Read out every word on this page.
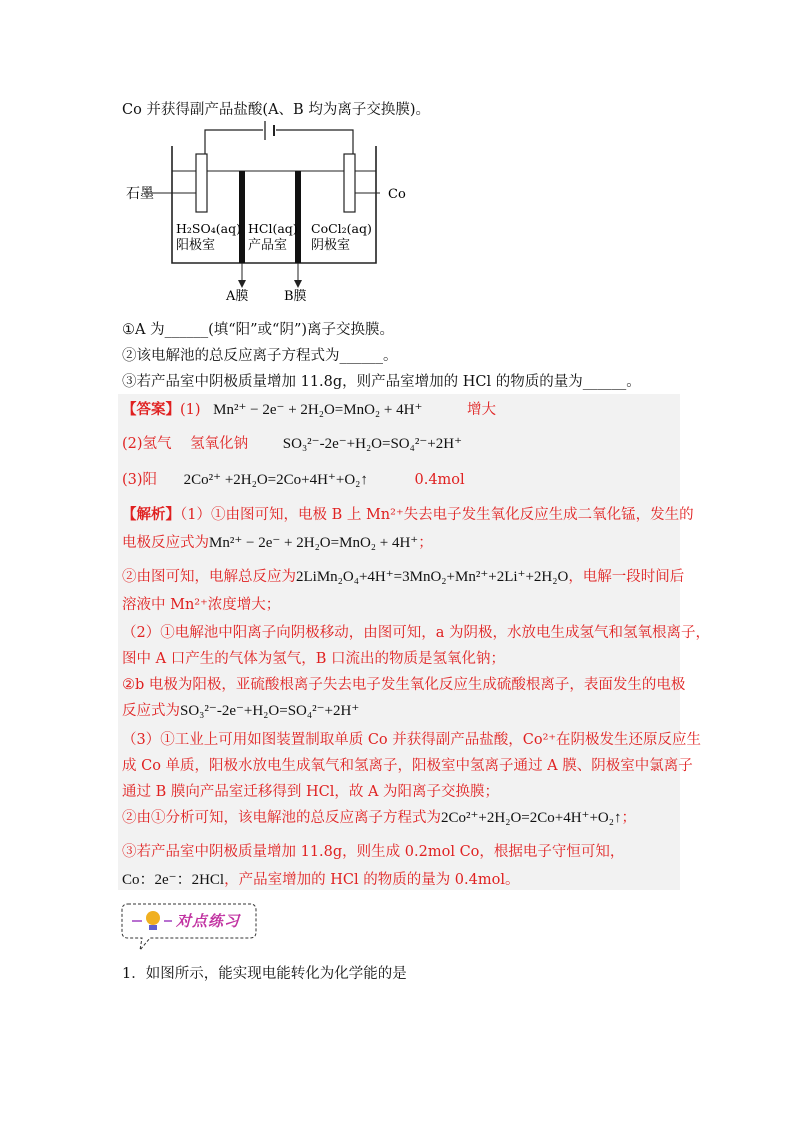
Co 并获得副产品盐酸(A、B 均为离子交换膜)。
石墨	Co
H₂SO₄(aq)
阳极室
HCl(aq)
产品室
CoCl₂(aq)
阴极室
A膜	B膜
①A 为______(填“阳”或“阴”)离子交换膜。
②该电解池的总反应离子方程式为______。
③若产品室中阴极质量增加 11.8g，则产品室增加的 HCl 的物质的量为______。
【答案】(1) Mn²⁺ − 2e⁻ + 2H₂O=MnO₂ + 4H⁺	增大
(2)氢气 氢氧化钠 SO₃²⁻-2e⁻+H₂O=SO₄²⁻+2H⁺
(3)阳 2Co²⁺ +2H₂O=2Co+4H⁺+O₂↑	0.4mol
【解析】（1）①由图可知，电极 B 上 Mn²⁺失去电子发生氧化反应生成二氧化锰，发生的
电极反应式为Mn²⁺ − 2e⁻ + 2H₂O=MnO₂ + 4H⁺；
②由图可知，电解总反应为2LiMn₂O₄+4H⁺=3MnO₂+Mn²⁺+2Li⁺+2H₂O，电解一段时间后
溶液中 Mn²⁺浓度增大；
（2）①电解池中阳离子向阴极移动，由图可知，a 为阴极，水放电生成氢气和氢氧根离子，
图中 A 口产生的气体为氢气，B 口流出的物质是氢氧化钠；
②b 电极为阳极，亚硫酸根离子失去电子发生氧化反应生成硫酸根离子，表面发生的电极
反应式为SO₃²⁻-2e⁻+H₂O=SO₄²⁻+2H⁺
（3）①工业上可用如图装置制取单质 Co 并获得副产品盐酸，Co²⁺在阴极发生还原反应生
成 Co 单质，阳极水放电生成氧气和氢离子，阳极室中氢离子通过 A 膜、阴极室中氯离子
通过 B 膜向产品室迁移得到 HCl，故 A 为阳离子交换膜；
②由①分析可知，该电解池的总反应离子方程式为2Co²⁺+2H₂O=2Co+4H⁺+O₂↑；
③若产品室中阴极质量增加 11.8g，则生成 0.2mol Co，根据电子守恒可知，
Co：2e⁻：2HCl，产品室增加的 HCl 的物质的量为 0.4mol。
对点练习
1．如图所示，能实现电能转化为化学能的是
